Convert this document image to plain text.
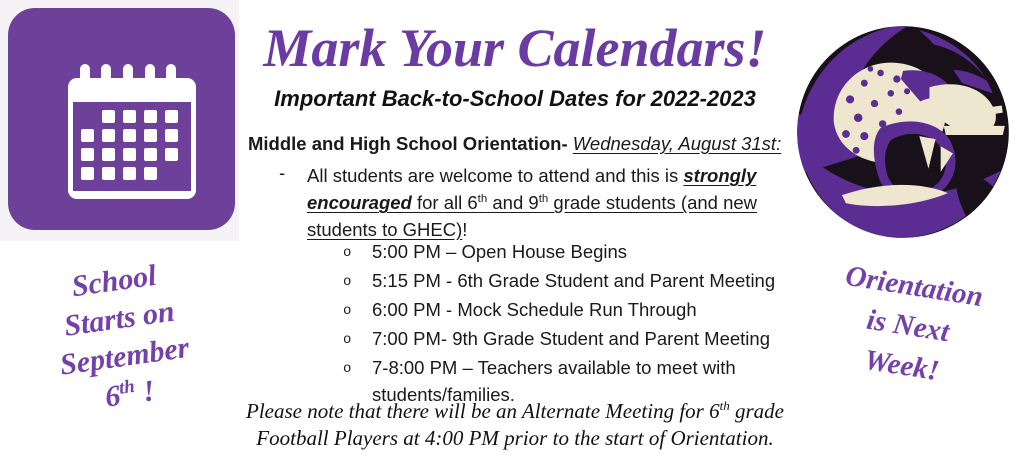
School
Starts on
September
6th !
Mark Your Calendars!
Important Back-to-School Dates for 2022-2023
Middle and High School Orientation- Wednesday, August 31st:
- All students are welcome to attend and this is strongly encouraged for all 6th and 9th grade students (and new students to GHEC)!
o	5:00 PM – Open House Begins
o	5:15 PM - 6th Grade Student and Parent Meeting
o	6:00 PM - Mock Schedule Run Through
o	7:00 PM- 9th Grade Student and Parent Meeting
o	7-8:00 PM – Teachers available to meet with students/families.
Please note that there will be an Alternate Meeting for 6th grade Football Players at 4:00 PM prior to the start of Orientation.
Orientation
is Next
Week!
